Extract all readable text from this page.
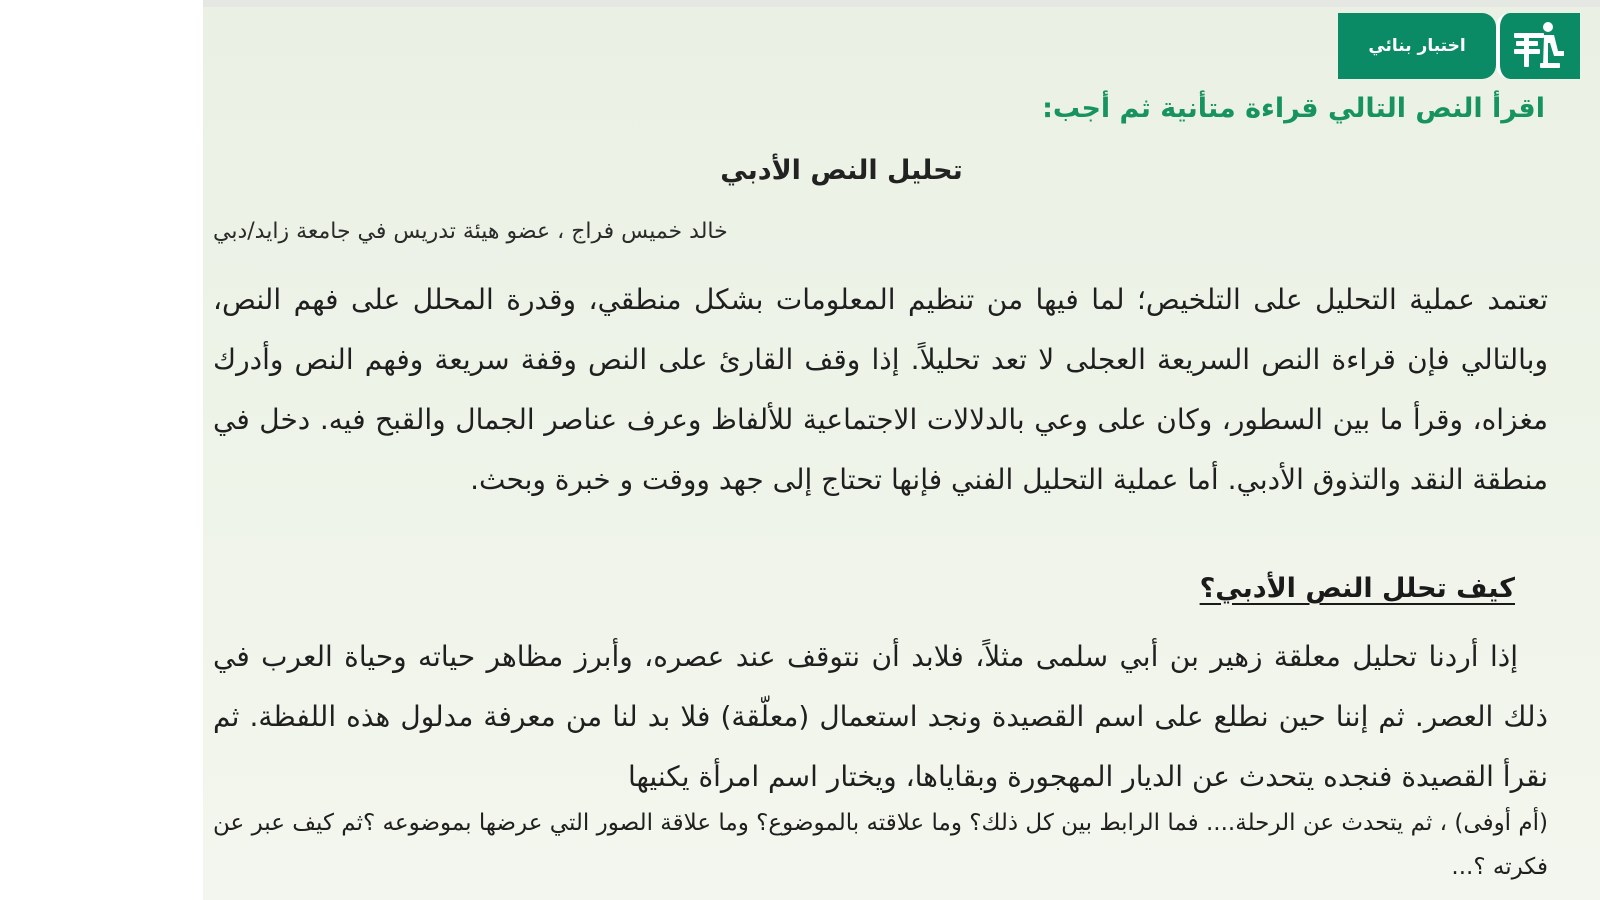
اختبار بنائي
اقرأ النص التالي قراءة متأنية ثم أجب:
تحليل النص الأدبي
خالد خميس فراج ، عضو هيئة تدريس في جامعة زايد/دبي

تعتمد عملية التحليل على التلخيص؛ لما فيها من تنظيم المعلومات بشكل منطقي، وقدرة المحلل على فهم النص، وبالتالي فإن قراءة النص السريعة العجلى لا تعد تحليلاً. إذا وقف القارئ على النص وقفة سريعة وفهم النص وأدرك مغزاه، وقرأ ما بين السطور، وكان على وعي بالدلالات الاجتماعية للألفاظ وعرف عناصر الجمال والقبح فيه. دخل في منطقة النقد والتذوق الأدبي. أما عملية التحليل الفني فإنها تحتاج إلى جهد ووقت و خبرة وبحث.

كيف تحلل النص الأدبي؟

إذا أردنا تحليل معلقة زهير بن أبي سلمى مثلاً، فلابد أن نتوقف عند عصره، وأبرز مظاهر حياته وحياة العرب في ذلك العصر. ثم إننا حين نطلع على اسم القصيدة ونجد استعمال (معلّقة) فلا بد لنا من معرفة مدلول هذه اللفظة. ثم نقرأ القصيدة فنجده يتحدث عن الديار المهجورة وبقاياها، ويختار اسم امرأة يكنيها

(أم أوفى) ، ثم يتحدث عن الرحلة.... فما الرابط بين كل ذلك؟ وما علاقته بالموضوع؟ وما علاقة الصور التي عرضها بموضوعه ؟ثم كيف عبر عن فكرته ؟...
